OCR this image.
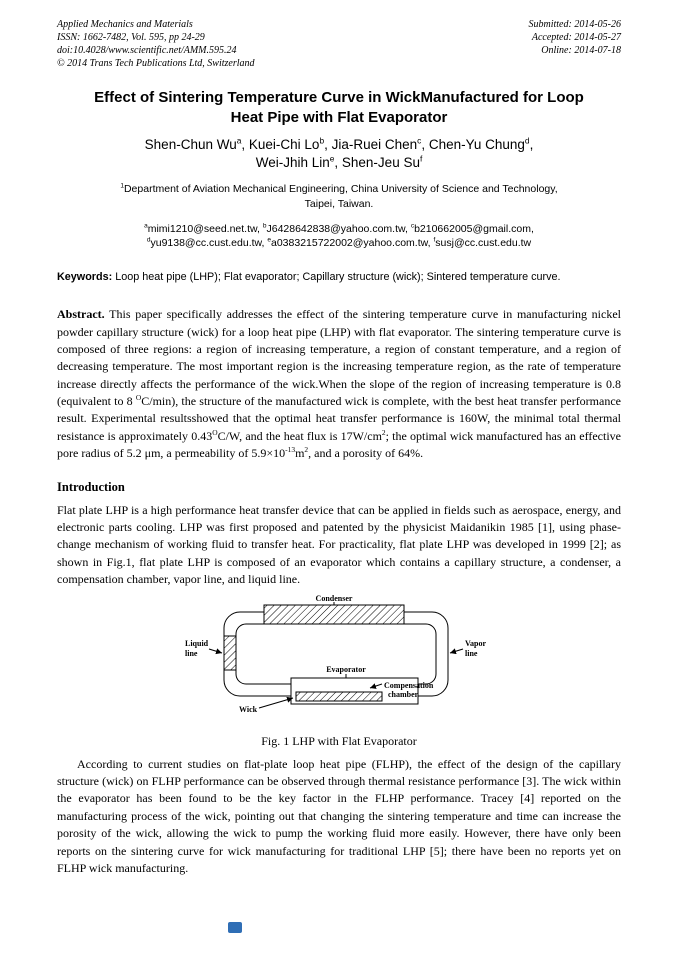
Applied Mechanics and Materials
ISSN: 1662-7482, Vol. 595, pp 24-29
doi:10.4028/www.scientific.net/AMM.595.24
© 2014 Trans Tech Publications Ltd, Switzerland
Submitted: 2014-05-26
Accepted: 2014-05-27
Online: 2014-07-18
Effect of Sintering Temperature Curve in WickManufactured for Loop
Heat Pipe with Flat Evaporator
Shen-Chun Wu$^a$, Kuei-Chi Lo$^b$, Jia-Ruei Chen$^c$, Chen-Yu Chung$^d$,
Wei-Jhih Lin$^e$, Shen-Jeu Su$^f$
$^1$Department of Aviation Mechanical Engineering, China University of Science and Technology,
Taipei, Taiwan.
$^a$mimi1210@seed.net.tw, $^b$J6428642838@yahoo.com.tw, $^c$b210662005@gmail.com,
$^d$yu9138@cc.cust.edu.tw, $^e$a0383215722002@yahoo.com.tw, $^f$susj@cc.cust.edu.tw

Keywords: Loop heat pipe (LHP); Flat evaporator; Capillary structure (wick); Sintered temperature curve.

Abstract. This paper specifically addresses the effect of the sintering temperature curve in manufacturing nickel powder capillary structure (wick) for a loop heat pipe (LHP) with flat evaporator. The sintering temperature curve is composed of three regions: a region of increasing temperature, a region of constant temperature, and a region of decreasing temperature. The most important region is the increasing temperature region, as the rate of temperature increase directly affects the performance of the wick.When the slope of the region of increasing temperature is 0.8 (equivalent to 8 $^O$C/min), the structure of the manufactured wick is complete, with the best heat transfer performance result. Experimental resultsshowed that the optimal heat transfer performance is 160W, the minimal total thermal resistance is approximately $0.43^OC/W$, and the heat flux is $17W/cm^2$; the optimal wick manufactured has an effective pore radius of 5.2 μm, a permeability of $5.9\times 10^{-13}m^2$, and a porosity of 64%.

Introduction

Flat plate LHP is a high performance heat transfer device that can be applied in fields such as aerospace, energy, and electronic parts cooling. LHP was first proposed and patented by the physicist Maidanikin 1985 [1], using phase-change mechanism of working fluid to transfer heat. For practicality, flat plate LHP was developed in 1999 [2]; as shown in Fig.1, flat plate LHP is composed of an evaporator which contains a capillary structure, a condenser, a compensation chamber, vapor line, and liquid line.

Condenser
Liquid
line
Vapor
line
Evaporator
Compensation
chamber
Wick
Fig. 1 LHP with Flat Evaporator

According to current studies on flat-plate loop heat pipe (FLHP), the effect of the design of the capillary structure (wick) on FLHP performance can be observed through thermal resistance performance [3]. The wick within the evaporator has been found to be the key factor in the FLHP performance. Tracey [4] reported on the manufacturing process of the wick, pointing out that changing the sintering temperature and time can increase the porosity of the wick, allowing the wick to pump the working fluid more easily. However, there have only been reports on the sintering curve for wick manufacturing for traditional LHP [5]; there have been no reports yet on FLHP wick manufacturing.
